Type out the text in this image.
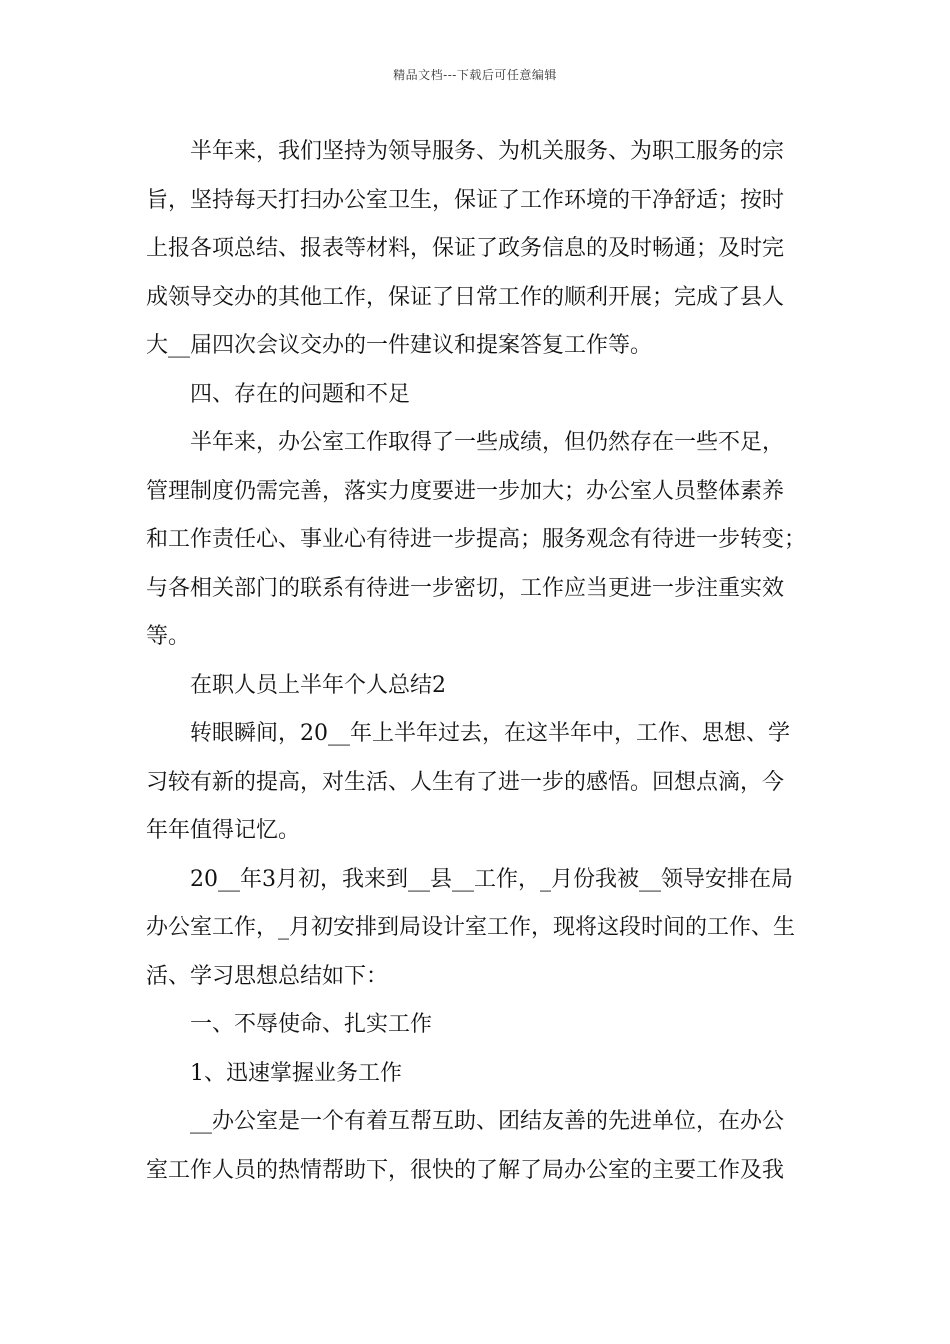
精品文档---下载后可任意编辑

半年来，我们坚持为领导服务、为机关服务、为职工服务的宗
旨，坚持每天打扫办公室卫生，保证了工作环境的干净舒适；按时
上报各项总结、报表等材料，保证了政务信息的及时畅通；及时完
成领导交办的其他工作，保证了日常工作的顺利开展；完成了县人
大__届四次会议交办的一件建议和提案答复工作等。

四、存在的问题和不足

半年来，办公室工作取得了一些成绩，但仍然存在一些不足，
管理制度仍需完善，落实力度要进一步加大；办公室人员整体素养
和工作责任心、事业心有待进一步提高；服务观念有待进一步转变；
与各相关部门的联系有待进一步密切，工作应当更进一步注重实效
等。

在职人员上半年个人总结2

转眼瞬间，20__年上半年过去，在这半年中，工作、思想、学
习较有新的提高，对生活、人生有了进一步的感悟。回想点滴，今
年年值得记忆。

20__年3月初，我来到__县__工作，_月份我被__领导安排在局
办公室工作，_月初安排到局设计室工作，现将这段时间的工作、生
活、学习思想总结如下：

一、不辱使命、扎实工作

1、迅速掌握业务工作

__办公室是一个有着互帮互助、团结友善的先进单位，在办公
室工作人员的热情帮助下，很快的了解了局办公室的主要工作及我
